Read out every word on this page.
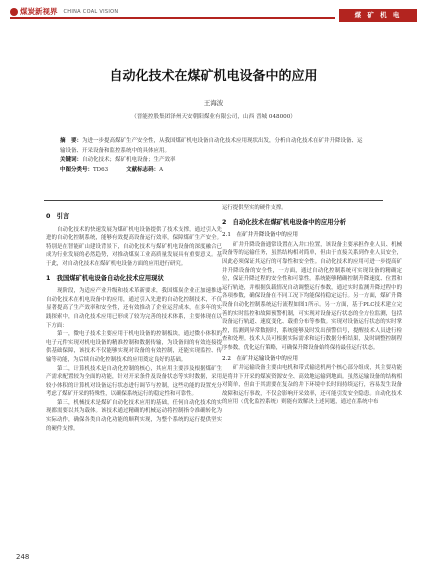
煤炭新视界 CHINA COAL VISION	煤 矿 机 电
自动化技术在煤矿机电设备中的应用
王海波
（晋能控股集团泽州天安朝阳煤业有限公司，山西 晋城 048000）
摘　要：为进一步提高煤矿生产安全性，从我国煤矿机电设备自动化技术应用现状出发，分析自动化技术在矿井升降设备、运输设备、开采设备和监控系统中的具体应用。
关键词：自动化技术；煤矿机电设备；生产效率
中图分类号：TD63	文献标志码：A
0　引言

自动化技术的快速发展为煤矿机电设备提供了技术支撑，通过引入先进的自动化控制系统，能够有效提高设备运行效率，保障煤矿生产安全。特别是在智能矿山建设背景下，自动化技术与煤矿机电设备的深度融合已成为行业发展的必然趋势，对推动煤炭工业高质量发展具有重要意义。基于此，对自动化技术在煤矿机电设备方面的应用进行研究。

1　我国煤矿机电设备自动化技术应用现状

现阶段，为适应产业升级和技术革新要求，我国煤炭企业正加速推进自动化技术在机电设备中的应用，通过引入先进的自动化控制技术，不仅显著提高了生产效率和安全性，还有效推动了企业运营成本，在多年的实践探索中，自动化技术应用已形成了较为完善的技术体系，主要体现在以下方面：

第一，微电子技术主要应用于机电设备的控制板块，通过微小体积的电子元件实现对机电设备的精准控制和数据传输，为设备间的有效连接提供基础保障，该技术不仅能够实现对设备的有效控制，还能实现监控、传输等功能，为后续自动化控制技术的应用奠定良好的基础。

第二，计算机技术是自动化控制的核心，其应用主要涉及根据煤矿生产需求配置较为全面的功能，针对开采条件及设备状态等实时数据，采用较小体积的计算机对设备运行状态进行调节与控制，这些功能的设置充分考虑了煤矿开采的特殊性，以确保系统运行的稳定性和可靠性。

第三，机械技术是煤矿自动化技术应用的基础，任何自动化技术的实现都需要以其为载体。该技术通过精确的机械运动将控制指令准确转化为实际动作，确保各类自动化功能的顺利实现，为整个系统的运行提供坚实的硬件支撑。

运行提供坚实的硬件支撑。

2　自动化技术在煤矿机电设备中的应用分析
2.1　在矿井升降设备中的应用

矿井升降设备通常设置在入井口位置，该设备主要承担作业人员、机械设备等的运输任务，虽然结构相对简单，但由于直接关系到作业人员安全，因此必须保证其运行的可靠性和安全性。自动化技术的应用可进一步提高矿井升降设备的安全性，一方面，通过自动化控制系统可实现设备的精确定位，保证升降过程的安全性和可靠性。系统能够精确控制升降速度、位置和运行轨迹，并根据负载情况自动调整运行参数，通过实时监测升降过程中的各项参数，确保设备在不同工况下均能保持稳定运行。另一方面，煤矿升降设备自动化控制系统运行流程如图1所示。另一方面，基于PLC技术建立完善的实时监控和故障预警机制，可实现对设备运行状态的全方位监测，包括设备运行轨道、速度变化、载重分布等参数。实现对设备运行状态的实时掌控，监测到异常数据时，系统能够及时发出预警信号，提醒技术人员进行检查和处理。技术人员可根据实际需求和运行数据分析结果，及时调整控制程序参数，优化运行策略，可确保升降设备始终保持最佳运行状态。

2.2　在矿井运输设备中的应用

矿井运输设备主要由电机和带式输送机两个核心部分组成，其主要功能是将井下开采的煤炭资源安全、高效地运输到地面。虽然运输设备的结构相对简单，但由于其需要在复杂的井下环境中长时间持续运行，容易发生设备故障和运行事故，不仅会影响开采效率，还可能引发安全隐患。自动化技术的应用（优化监控系统）则能有效解决上述问题，通过在系统中布

248
